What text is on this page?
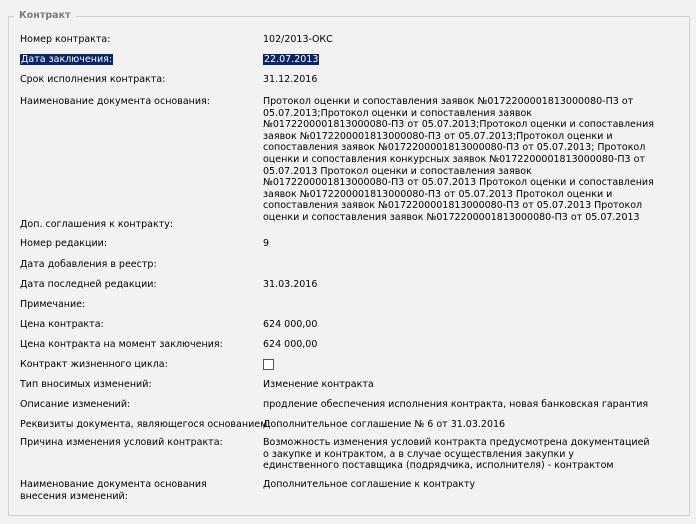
Контракт
Номер контракта:	102/2013-ОКС
Дата заключения:	22.07.2013
Срок исполнения контракта:	31.12.2016
Наименование документа основания:	Протокол оценки и сопоставления заявок №0172200001813000080-П3 от 05.07.2013;Протокол оценки и сопоставления заявок №0172200001813000080-П3 от 05.07.2013;Протокол оценки и сопоставления заявок №0172200001813000080-П3 от 05.07.2013;Протокол оценки и сопоставления заявок №0172200001813000080-П3 от 05.07.2013; Протокол оценки и сопоставления конкурсных заявок №0172200001813000080-П3 от 05.07.2013 Протокол оценки и сопоставления заявок №0172200001813000080-П3 от 05.07.2013 Протокол оценки и сопоставления заявок №0172200001813000080-П3 от 05.07.2013 Протокол оценки и сопоставления заявок №0172200001813000080-П3 от 05.07.2013 Протокол оценки и сопоставления заявок №0172200001813000080-П3 от 05.07.2013
Доп. соглашения к контракту:
Номер редакции:	9
Дата добавления в реестр:
Дата последней редакции:	31.03.2016
Примечание:
Цена контракта:	624 000,00
Цена контракта на момент заключения:	624 000,00
Контракт жизненного цикла:
Тип вносимых изменений:	Изменение контракта
Описание изменений:	продление обеспечения исполнения контракта, новая банковская гарантия
Реквизиты документа, являющегося основанием:
Дополнительное соглашение № 6 от 31.03.2016
Причина изменения условий контракта:	Возможность изменения условий контракта предусмотрена документацией о закупке и контрактом, а в случае осуществления закупки у единственного поставщика (подрядчика, исполнителя) - контрактом
Наименование документа основания внесения изменений:
Дополнительное соглашение к контракту
